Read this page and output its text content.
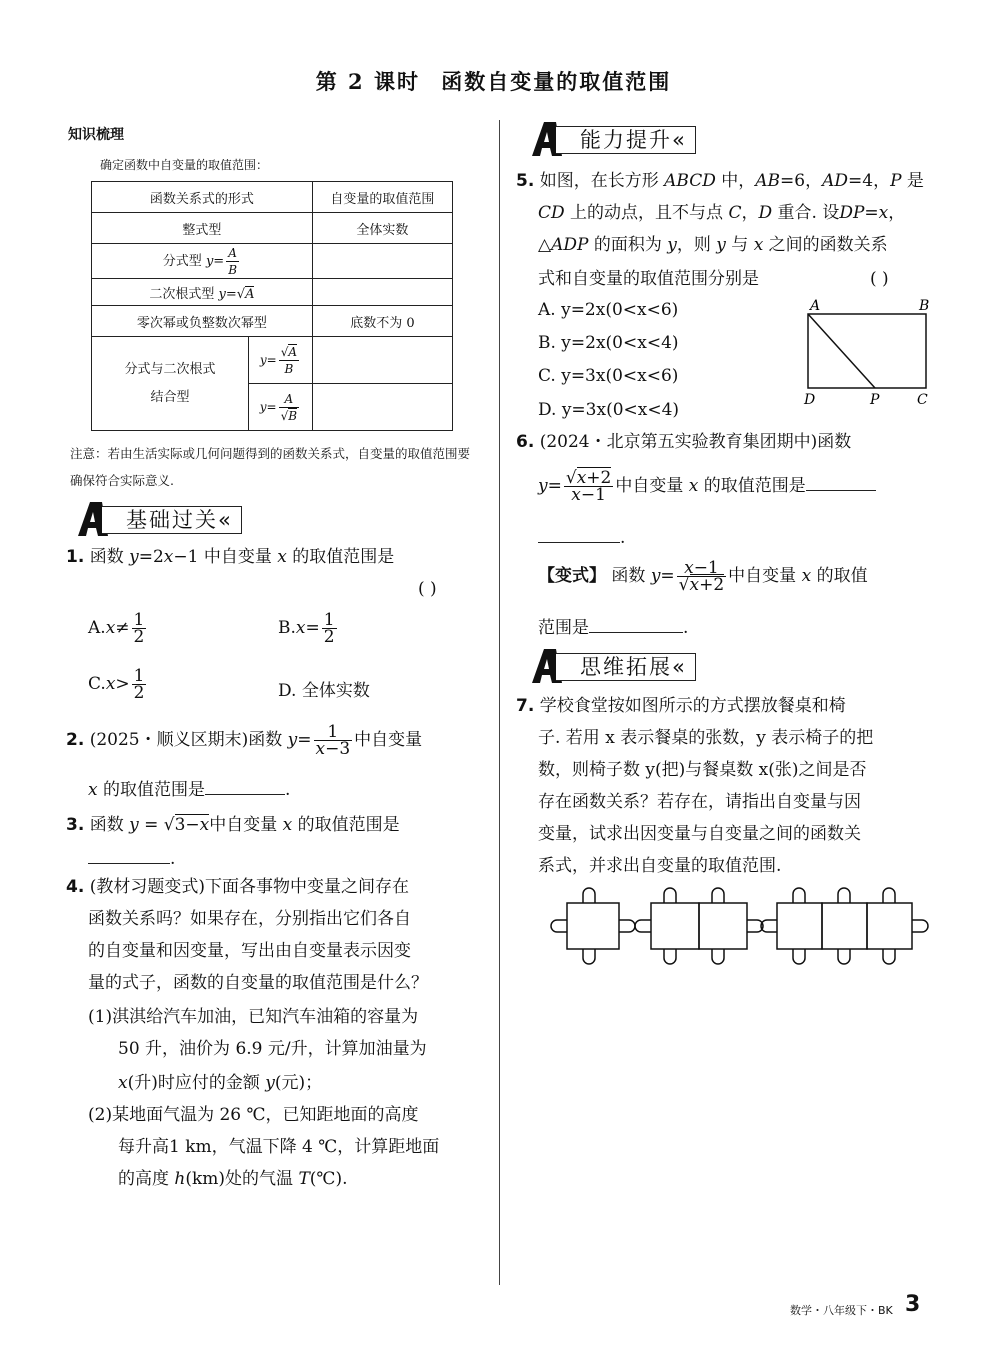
第 2 课时 函数自变量的取值范围
知识梳理
确定函数中自变量的取值范围：
函数关系式的形式		自变量的取值范围
整式型		全体实数
分式型 $y= \frac{A}{B}$

二次根式型 y=√A		
零次幂或负整数次幂型		底数不为 0
分式与二次根式
结合型	$y= \frac{√A}{B}$

	$y= \frac{A}{√B}$

注意：若由生活实际或几何问题得到的函数关系式，自变量的取值范围要确保符合实际意义.
基础过关«
1. 函数 y=2x−1 中自变量 x 的取值范围是
( )
$A.x\ne \frac{1}{2}$	$B.x= \frac{1}{2}$
$C.x> \frac{1}{2}$	D. 全体实数
2. (2025・顺义区期末)函数 $y= \frac{1}{x-3}$ 中自变量
x 的取值范围是	.
3. 函数 y = √3−x中自变量 x 的取值范围是
.
4. (教材习题变式)下面各事物中变量之间存在
函数关系吗？如果存在，分别指出它们各自
的自变量和因变量，写出由自变量表示因变
量的式子，函数的自变量的取值范围是什么？
(1)淇淇给汽车加油，已知汽车油箱的容量为
50 升，油价为 6.9 元/升，计算加油量为
x(升)时应付的金额 y(元)；
(2)某地面气温为 26 ℃，已知距地面的高度
每升高1 km，气温下降 4 ℃，计算距地面
的高度 h(km)处的气温 T(℃).
能力提升«
5. 如图，在长方形 ABCD 中，AB=6，AD=4，P 是
CD 上的动点，且不与点 C，D 重合. 设DP=x，
△ADP 的面积为 y，则 y 与 x 之间的函数关系
式和自变量的取值范围分别是	( )
A. y=2x(0<x<6)
B. y=2x(0<x<4)
C. y=3x(0<x<6)
D. y=3x(0<x<4)
A	B
D	P	C
6. (2024・北京第五实验教育集团期中)函数
$y= \frac{√x+2}{x-1}$ 中自变量 x 的取值范围是
.
【变式】 函数 $y= \frac{x-1}{√x+2}$ 中自变量 x 的取值
范围是	.
思维拓展«
7. 学校食堂按如图所示的方式摆放餐桌和椅
子. 若用 x 表示餐桌的张数，y 表示椅子的把
数，则椅子数 y(把)与餐桌数 x(张)之间是否
存在函数关系？若存在，请指出自变量与因
变量，试求出因变量与自变量之间的函数关
系式，并求出自变量的取值范围.
数学・八年级下・BK 3
